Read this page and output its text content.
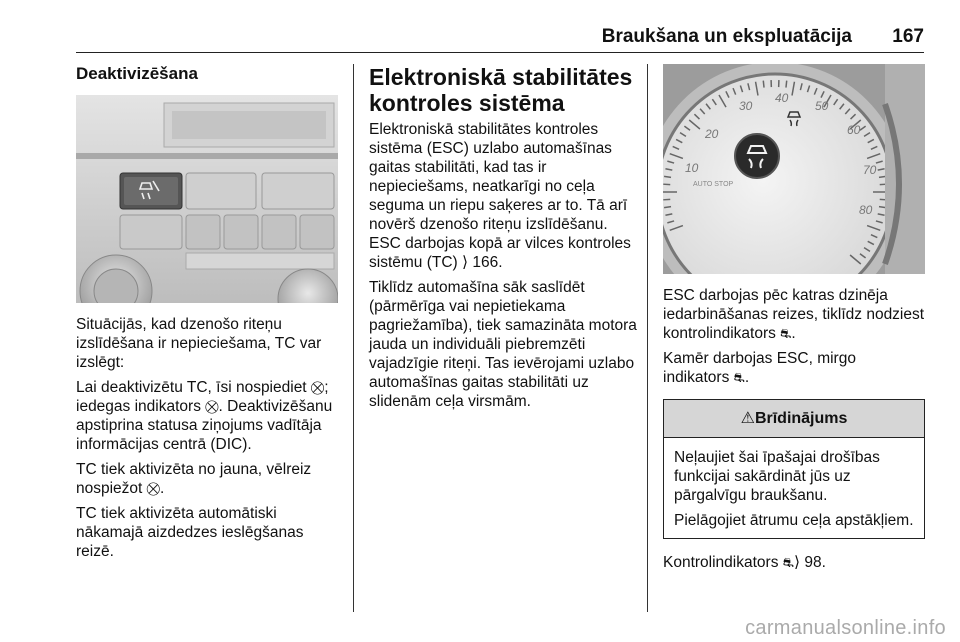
Braukšana un ekspluatācija 167
Deaktivizēšana

Situācijās, kad dzenošo riteņu izslīdēšana ir nepieciešama, TC var izslēgt:

Lai deaktivizētu TC, īsi nospiediet ⛒; iedegas indikators ⛒. Deaktivizēšanu apstiprina statusa ziņojums vadītāja informācijas centrā (DIC).

TC tiek aktivizēta no jauna, vēlreiz nospiežot ⛒.

TC tiek aktivizēta automātiski nākamajā aizdedzes ieslēgšanas reizē.

Elektroniskā stabilitātes kontroles sistēma

Elektroniskā stabilitātes kontroles sistēma (ESC) uzlabo automašīnas gaitas stabilitāti, kad tas ir nepieciešams, neatkarīgi no ceļa seguma un riepu saķeres ar to. Tā arī novērš dzenošo riteņu izslīdēšanu. ESC darbojas kopā ar vilces kontroles sistēmu (TC) ⟩ 166.

Tiklīdz automašīna sāk saslīdēt (pārmērīga vai nepietiekama pagriežamība), tiek samazināta motora jauda un individuāli piebremzēti vajadzīgie riteņi. Tas ievērojami uzlabo automašīnas gaitas stabilitāti uz slidenām ceļa virsmām.

10
20
30
40
50
60
70
80
AUTO STOP

ESC darbojas pēc katras dzinēja iedarbināšanas reizes, tiklīdz nodziest kontrolindikators ⛐.

Kamēr darbojas ESC, mirgo indikators ⛐.

⚠Brīdinājums

Neļaujiet šai īpašajai drošības funkcijai sakārdināt jūs uz pārgalvīgu braukšanu.

Pielāgojiet ātrumu ceļa apstākļiem.

Kontrolindikators ⛐⟩ 98.

carmanualsonline.info
